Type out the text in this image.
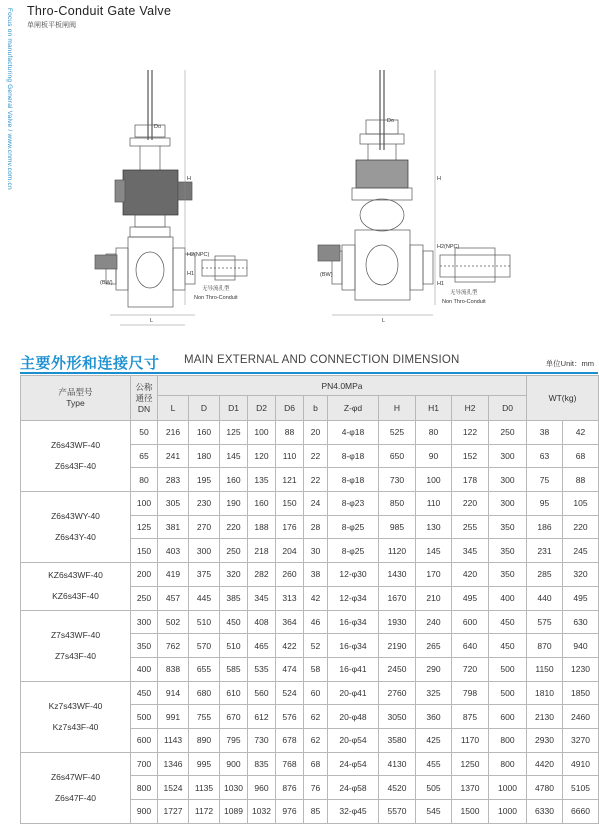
Focus on manufacturing General Valve / www.cnmv.com.cn Thro-Conduit Gate Valve
单闸板平板闸阀
(BW)
Do
H
H1
H2(NPC)
L
无导流孔型
Non Thro-Conduit
(BW)
Do
H
H1
H2(NPC)
L
无导流孔型
Non Thro-Conduit
主要外形和连接尺寸 MAIN EXTERNAL AND CONNECTION DIMENSION	单位Unit：mm
产品型号
Type	公称
通径
DN	PN4.0MPa											WT(kg)	
		L	D	D1	D2	D6	b	Z-φd	H	H1	H2	D0		

Z6s43WF-40
Z6s43F-40	50	216	160	125	100	88	20	4-φ18	525	80	122	250	38	42
	65	241	180	145	120	110	22	8-φ18	650	90	152	300	63	68
	80	283	195	160	135	121	22	8-φ18	730	100	178	300	75	88

Z6s43WY-40
Z6s43Y-40	100	305	230	190	160	150	24	8-φ23	850	110	220	300	95	105
	125	381	270	220	188	176	28	8-φ25	985	130	255	350	186	220
	150	403	300	250	218	204	30	8-φ25	1120	145	345	350	231	245

KZ6s43WF-40
KZ6s43F-40	200	419	375	320	282	260	38	12-φ30	1430	170	420	350	285	320
	250	457	445	385	345	313	42	12-φ34	1670	210	495	400	440	495

Z7s43WF-40
Z7s43F-40	300	502	510	450	408	364	46	16-φ34	1930	240	600	450	575	630
	350	762	570	510	465	422	52	16-φ34	2190	265	640	450	870	940
	400	838	655	585	535	474	58	16-φ41	2450	290	720	500	1150	1230

Kz7s43WF-40
Kz7s43F-40	450	914	680	610	560	524	60	20-φ41	2760	325	798	500	1810	1850
	500	991	755	670	612	576	62	20-φ48	3050	360	875	600	2130	2460
	600	1143	890	795	730	678	62	20-φ54	3580	425	1170	800	2930	3270

Z6s47WF-40
Z6s47F-40	700	1346	995	900	835	768	68	24-φ54	4130	455	1250	800	4420	4910
	800	1524	1135	1030	960	876	76	24-φ58	4520	505	1370	1000	4780	5105
	900	1727	1172	1089	1032	976	85	32-φ45	5570	545	1500	1000	6330	6660
